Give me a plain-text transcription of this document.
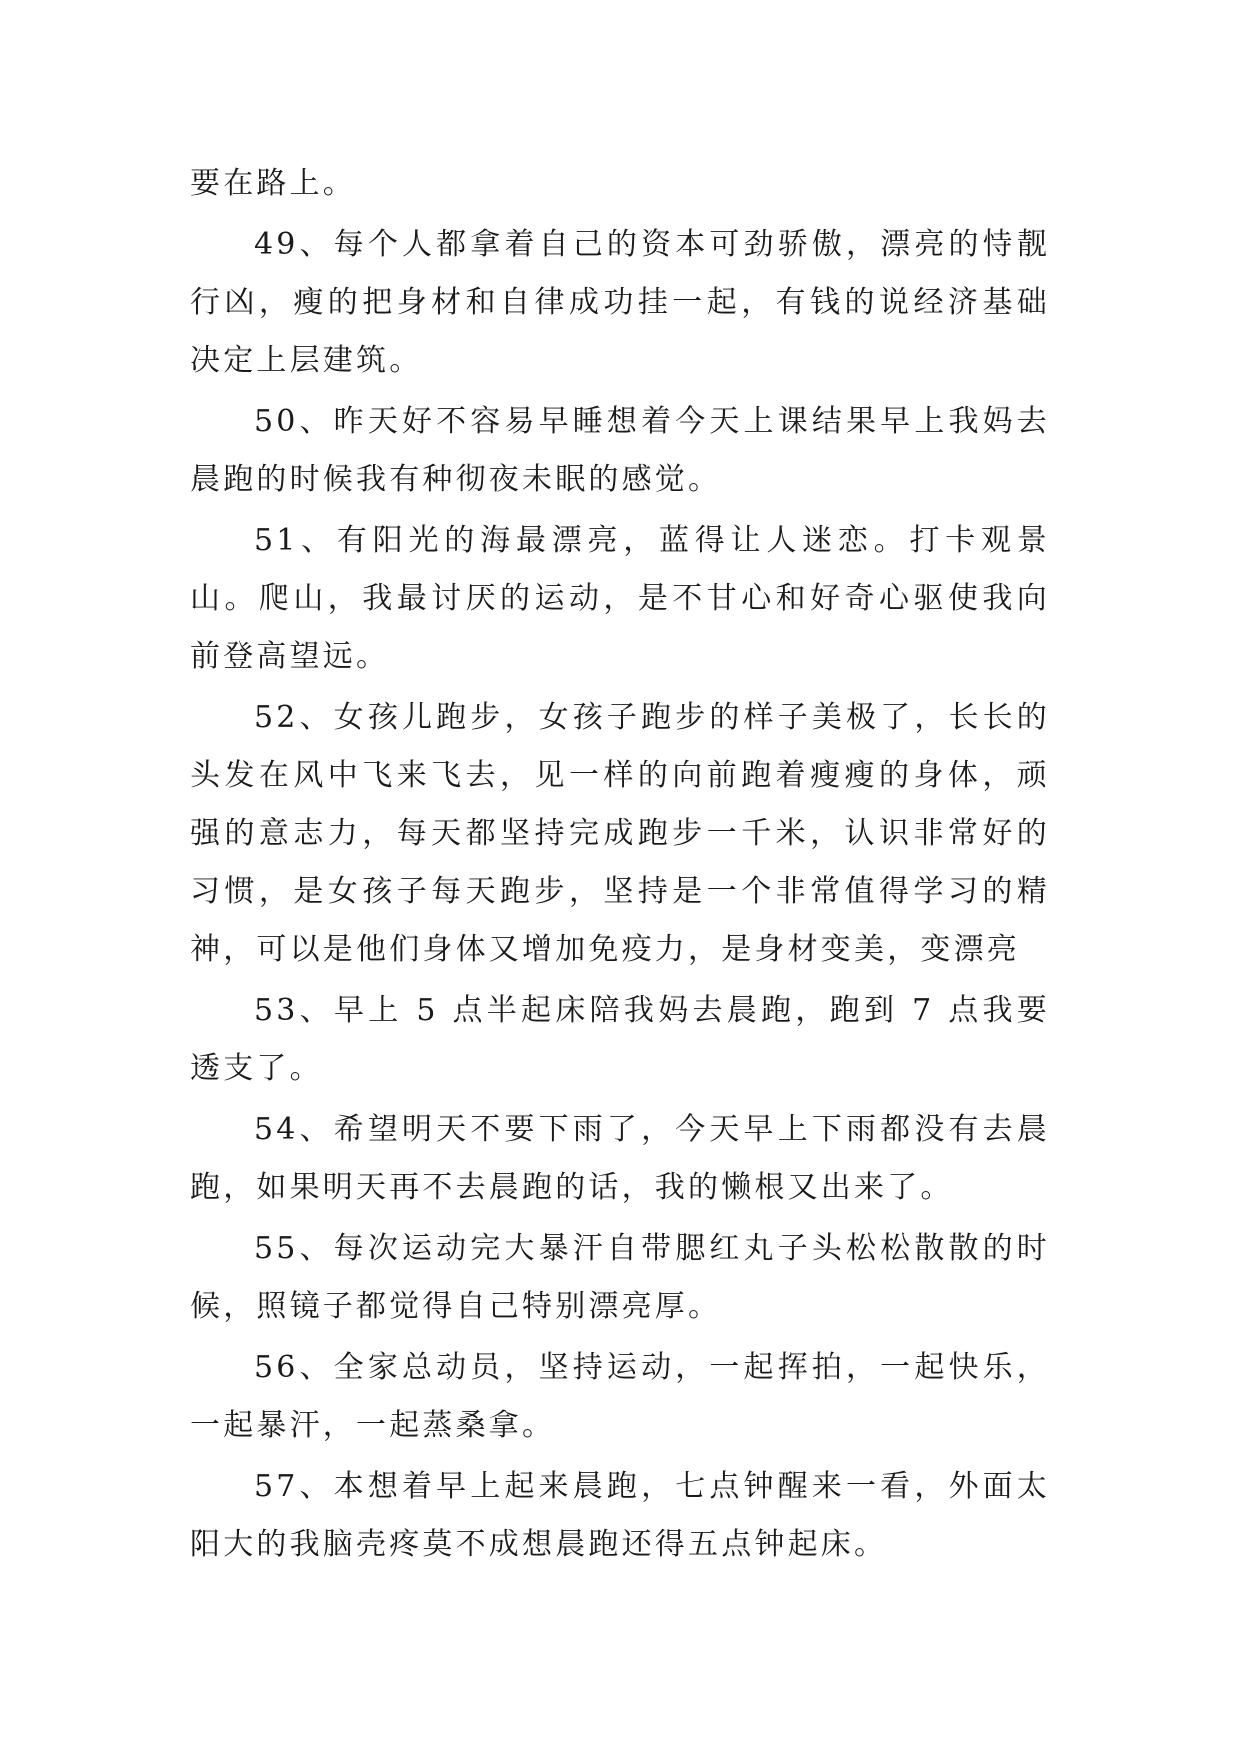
要在路上。

49、每个人都拿着自己的资本可劲骄傲，漂亮的恃靓行凶，瘦的把身材和自律成功挂一起，有钱的说经济基础决定上层建筑。

50、昨天好不容易早睡想着今天上课结果早上我妈去晨跑的时候我有种彻夜未眠的感觉。

51、有阳光的海最漂亮，蓝得让人迷恋。打卡观景山。爬山，我最讨厌的运动，是不甘心和好奇心驱使我向前登高望远。

52、女孩儿跑步，女孩子跑步的样子美极了，长长的头发在风中飞来飞去，见一样的向前跑着瘦瘦的身体，顽强的意志力，每天都坚持完成跑步一千米，认识非常好的习惯，是女孩子每天跑步，坚持是一个非常值得学习的精神，可以是他们身体又增加免疫力，是身材变美，变漂亮

53、早上 5 点半起床陪我妈去晨跑，跑到 7 点我要透支了。

54、希望明天不要下雨了，今天早上下雨都没有去晨跑，如果明天再不去晨跑的话，我的懒根又出来了。

55、每次运动完大暴汗自带腮红丸子头松松散散的时候，照镜子都觉得自己特别漂亮厚。

56、全家总动员，坚持运动，一起挥拍，一起快乐，一起暴汗，一起蒸桑拿。

57、本想着早上起来晨跑，七点钟醒来一看，外面太阳大的我脑壳疼莫不成想晨跑还得五点钟起床。
